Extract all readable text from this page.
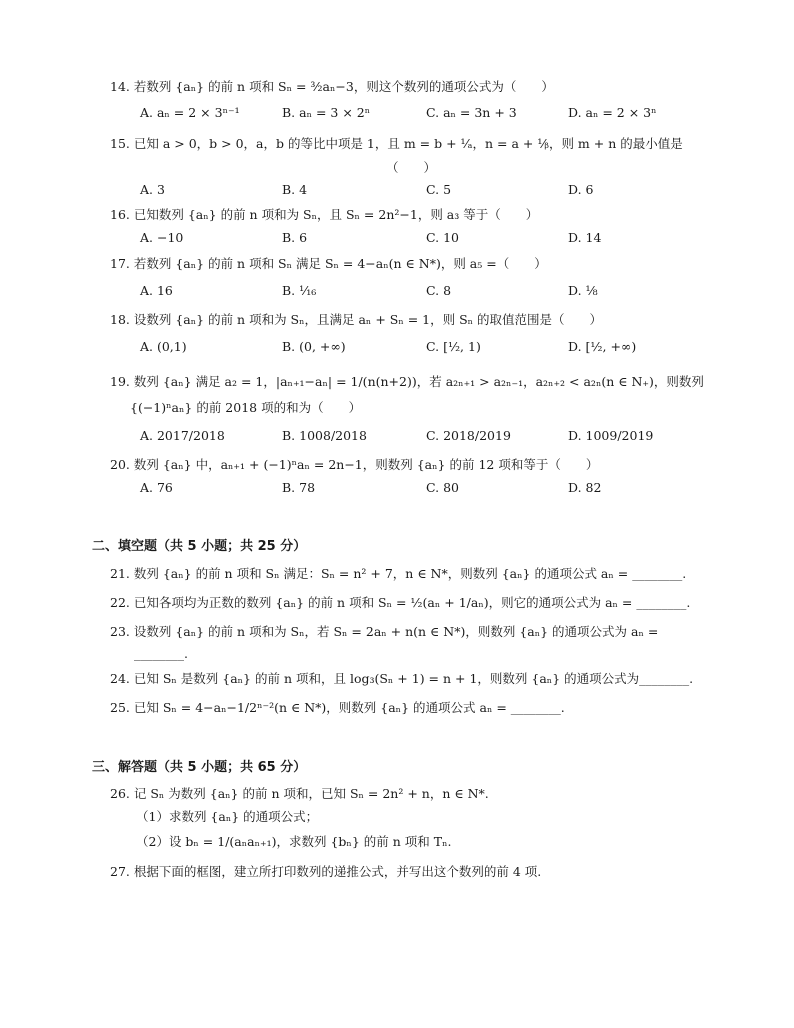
14. 若数列 {aₙ} 的前 n 项和 Sₙ = ³⁄₂aₙ−3，则这个数列的通项公式为（　　）
A. aₙ = 2 × 3ⁿ⁻¹	B. aₙ = 3 × 2ⁿ	C. aₙ = 3n + 3	D. aₙ = 2 × 3ⁿ
15. 已知 a > 0，b > 0，a，b 的等比中项是 1，且 m = b + ¹⁄ₐ，n = a + ¹⁄ᵦ，则 m + n 的最小值是
（　　）
A. 3	B. 4	C. 5	D. 6
16. 已知数列 {aₙ} 的前 n 项和为 Sₙ，且 Sₙ = 2n²−1，则 a₃ 等于（　　）
A. −10	B. 6	C. 10	D. 14
17. 若数列 {aₙ} 的前 n 项和 Sₙ 满足 Sₙ = 4−aₙ(n ∈ N*)，则 a₅ =（　　）
A. 16	B. ¹⁄₁₆	C. 8	D. ¹⁄₈
18. 设数列 {aₙ} 的前 n 项和为 Sₙ，且满足 aₙ + Sₙ = 1，则 Sₙ 的取值范围是（　　）
A. (0,1)	B. (0, +∞)	C. [½, 1)	D. [½, +∞)
19. 数列 {aₙ} 满足 a₂ = 1，|aₙ₊₁−aₙ| = 1/(n(n+2))，若 a₂ₙ₊₁ > a₂ₙ₋₁，a₂ₙ₊₂ < a₂ₙ(n ∈ N₊)，则数列
{(−1)ⁿaₙ} 的前 2018 项的和为（　　）
A. 2017/2018	B. 1008/2018	C. 2018/2019	D. 1009/2019
20. 数列 {aₙ} 中，aₙ₊₁ + (−1)ⁿaₙ = 2n−1，则数列 {aₙ} 的前 12 项和等于（　　）
A. 76	B. 78	C. 80	D. 82
二、填空题（共 5 小题；共 25 分）
21. 数列 {aₙ} 的前 n 项和 Sₙ 满足：Sₙ = n² + 7，n ∈ N*，则数列 {aₙ} 的通项公式 aₙ = ________.
22. 已知各项均为正数的数列 {aₙ} 的前 n 项和 Sₙ = ½(aₙ + 1/aₙ)，则它的通项公式为 aₙ = ________.
23. 设数列 {aₙ} 的前 n 项和为 Sₙ，若 Sₙ = 2aₙ + n(n ∈ N*)，则数列 {aₙ} 的通项公式为 aₙ =
________.
24. 已知 Sₙ 是数列 {aₙ} 的前 n 项和，且 log₃(Sₙ + 1) = n + 1，则数列 {aₙ} 的通项公式为________.
25. 已知 Sₙ = 4−aₙ−1/2ⁿ⁻²(n ∈ N*)，则数列 {aₙ} 的通项公式 aₙ = ________.
三、解答题（共 5 小题；共 65 分）
26. 记 Sₙ 为数列 {aₙ} 的前 n 项和，已知 Sₙ = 2n² + n，n ∈ N*.
（1）求数列 {aₙ} 的通项公式；
（2）设 bₙ = 1/(aₙaₙ₊₁)，求数列 {bₙ} 的前 n 项和 Tₙ.
27. 根据下面的框图，建立所打印数列的递推公式，并写出这个数列的前 4 项.
